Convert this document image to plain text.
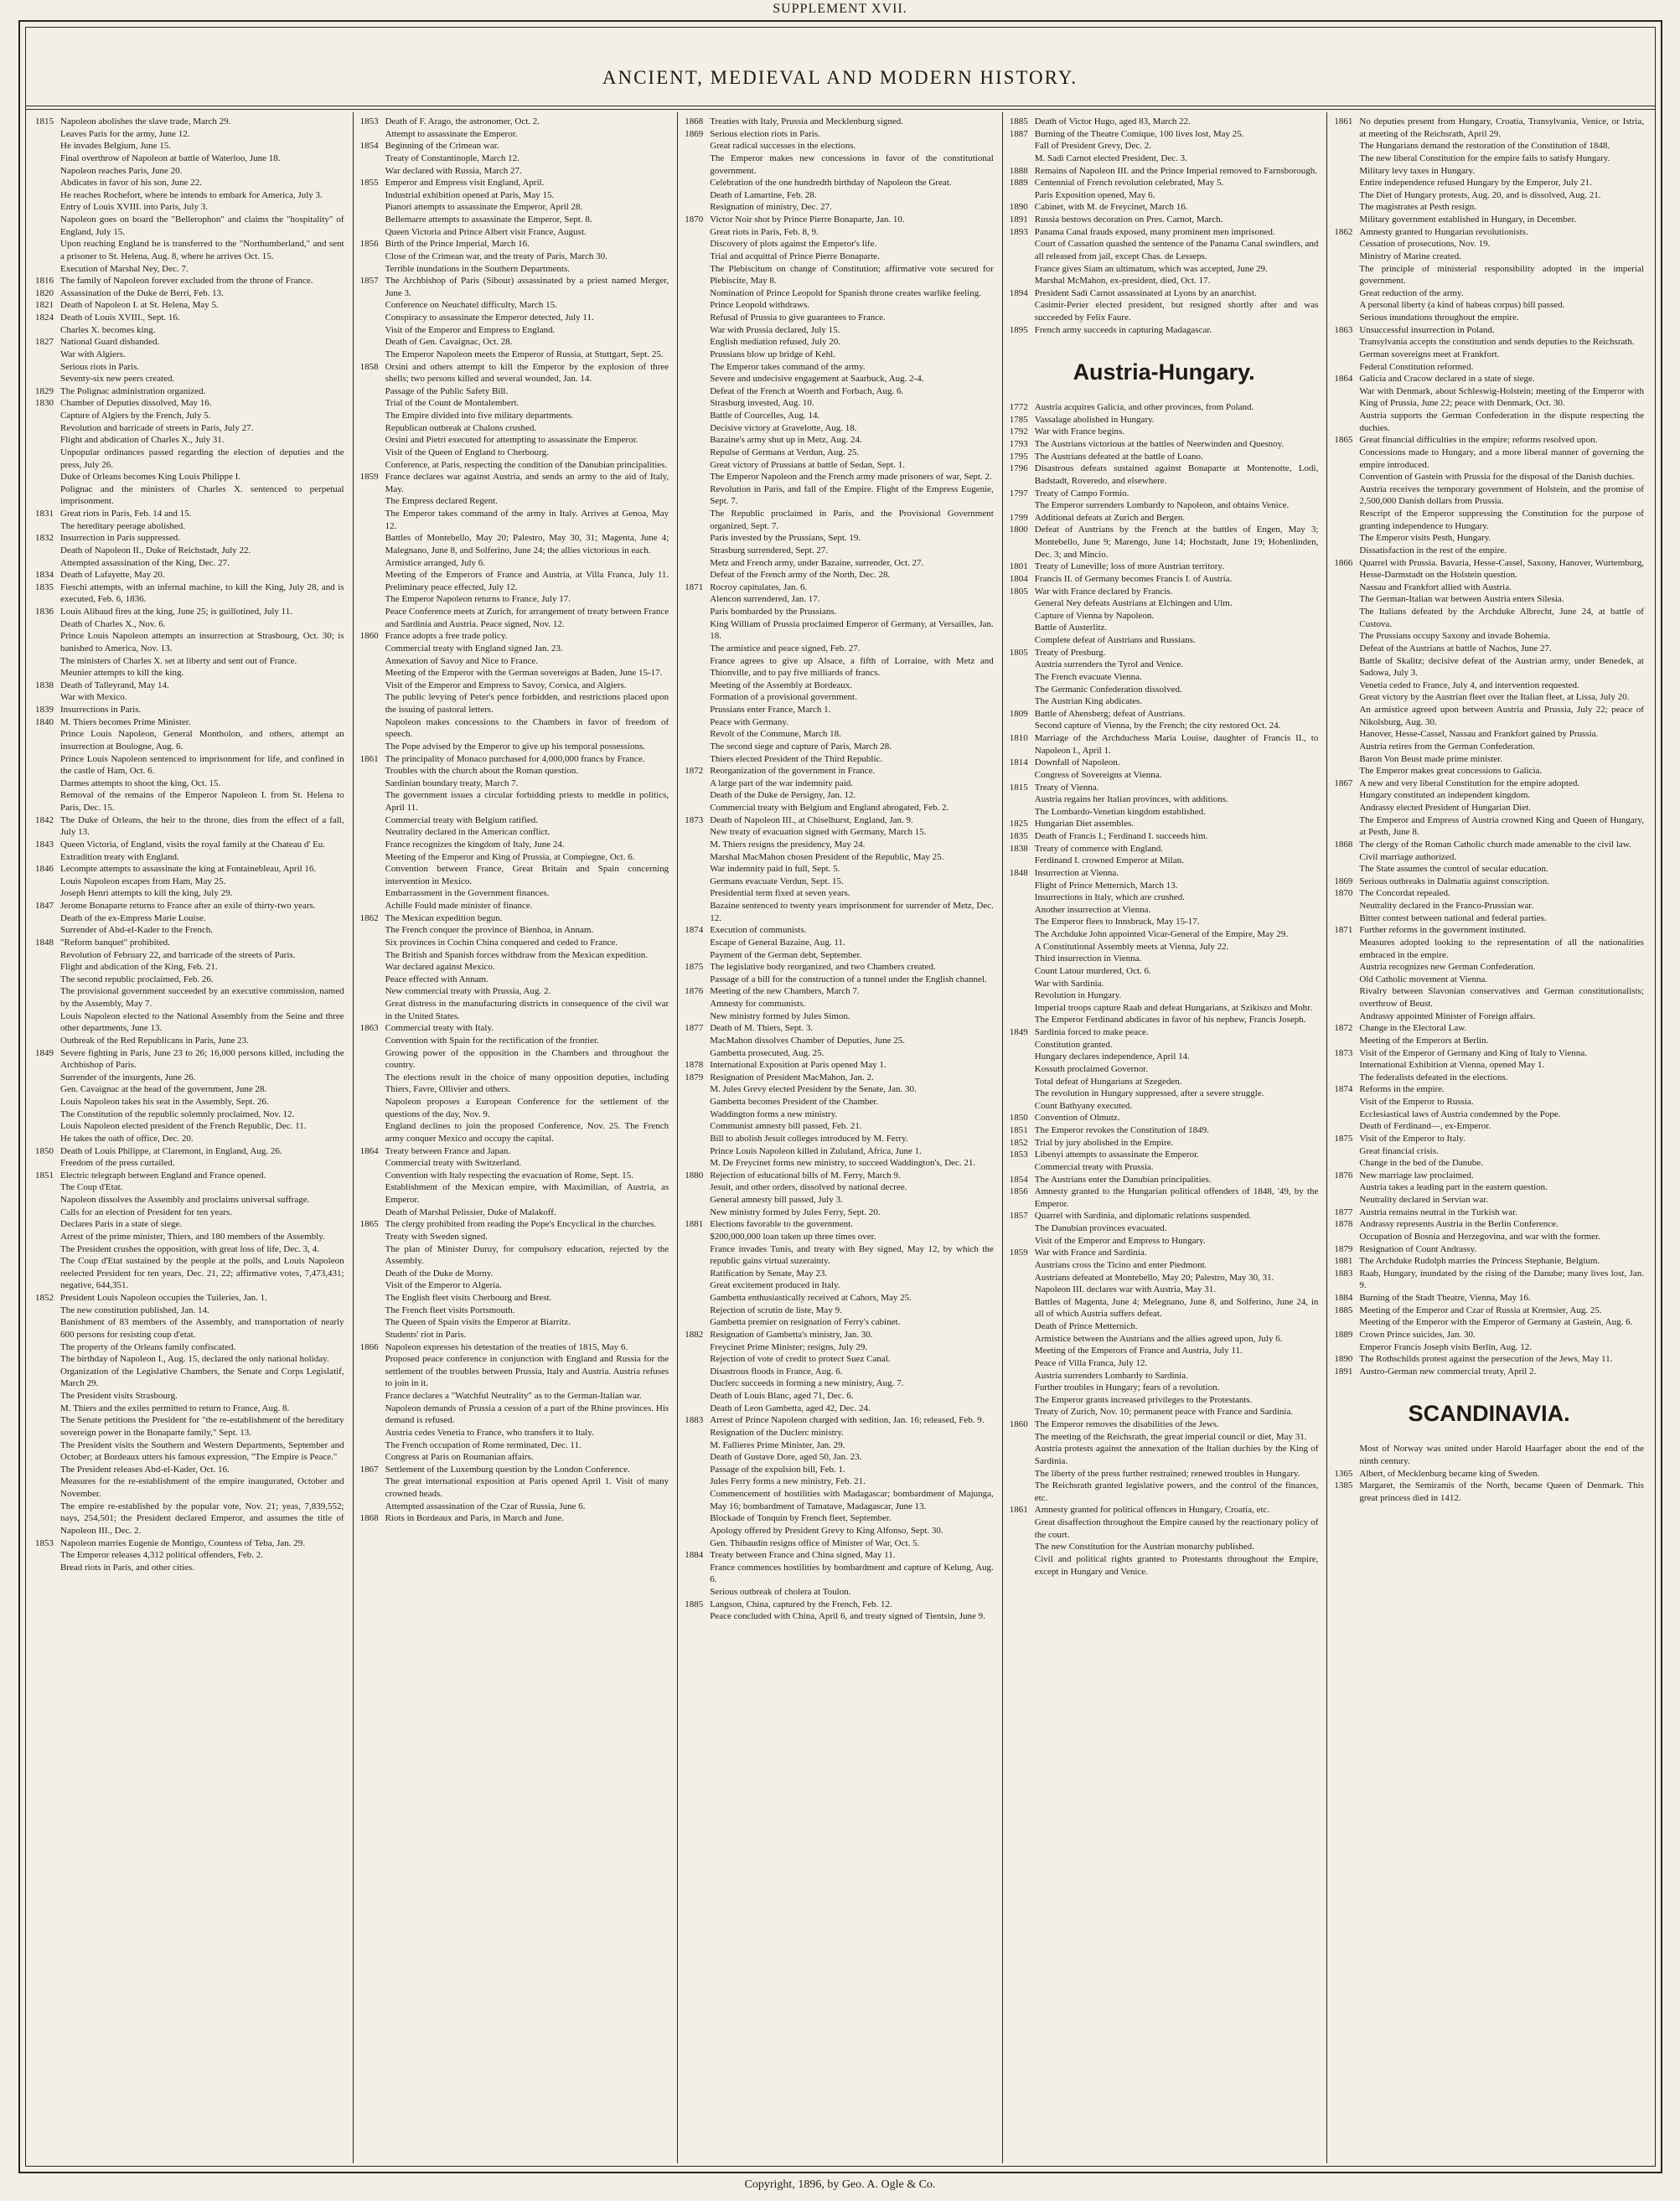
SUPPLEMENT XVII.
ANCIENT, MEDIEVAL AND MODERN HISTORY.
1815 Napoleon abolishes the slave trade, March 29.
Leaves Paris for the army, June 12.
He invades Belgium, June 15.
Final overthrow of Napoleon at battle of Waterloo, June 18.
Napoleon reaches Paris, June 20.
Abdicates in favor of his son, June 22.
He reaches Rochefort, where he intends to embark for America, July 3.
Entry of Louis XVIII. into Paris, July 3.
Napoleon goes on board the "Bellerophon" and claims the "hospitality" of England, July 15.
Upon reaching England he is transferred to the "Northumberland," and sent a prisoner to St. Helena, Aug. 8, where he arrives Oct. 15.
Execution of Marshal Ney, Dec. 7.
1816 The family of Napoleon forever excluded from the throne of France.
1820 Assassination of the Duke de Berri, Feb. 13.
1821 Death of Napoleon I. at St. Helena, May 5.
1824 Death of Louis XVIII., Sept. 16.
Charles X. becomes king.
1827 National Guard disbanded.
War with Algiers.
Serious riots in Paris.
Seventy-six new peers created.
1829 The Polignac administration organized.
1830 Chamber of Deputies dissolved, May 16.
Capture of Algiers by the French, July 5.
Revolution and barricade of streets in Paris, July 27.
Flight and abdication of Charles X., July 31.
Unpopular ordinances passed regarding the election of deputies and the press, July 26.
Duke of Orleans becomes King Louis Philippe I.
Polignac and the ministers of Charles X. sentenced to perpetual imprisonment.
1831 Great riots in Paris, Feb. 14 and 15.
The hereditary peerage abolished.
1832 Insurrection in Paris suppressed.
Death of Napoleon II., Duke of Reichstadt, July 22.
Attempted assassination of the King, Dec. 27.
1834 Death of Lafayette, May 20.
1835 Fieschi attempts, with an infernal machine, to kill the King, July 28, and is executed, Feb. 6, 1836.
1836 Louis Alibaud fires at the king, June 25; is guillotined, July 11.
Death of Charles X., Nov. 6.
Prince Louis Napoleon attempts an insurrection at Strasbourg, Oct. 30; is banished to America, Nov. 13.
The ministers of Charles X. set at liberty and sent out of France.
Meunier attempts to kill the king.
1838 Death of Talleyrand, May 14.
War with Mexico.
1839 Insurrections in Paris.
1840 M. Thiers becomes Prime Minister.
Prince Louis Napoleon, General Montholon, and others, attempt an insurrection at Boulogne, Aug. 6.
Prince Louis Napoleon sentenced to imprisonment for life, and confined in the castle of Ham, Oct. 6.
Darmes attempts to shoot the king, Oct. 15.
Removal of the remains of the Emperor Napoleon I. from St. Helena to Paris, Dec. 15.
1842 The Duke of Orleans, the heir to the throne, dies from the effect of a fall, July 13.
1843 Queen Victoria, of England, visits the royal family at the Chateau d' Eu.
Extradition treaty with England.
1846 Lecompte attempts to assassinate the king at Fontainebleau, April 16.
Louis Napoleon escapes from Ham, May 25.
Joseph Henri attempts to kill the king, July 29.
1847 Jerome Bonaparte returns to France after an exile of thirty-two years.
Death of the ex-Empress Marie Louise.
Surrender of Abd-el-Kader to the French.
1848 "Reform banquet" prohibited.
Revolution of February 22, and barricade of the streets of Paris.
Flight and abdication of the King, Feb. 21.
The second republic proclaimed, Feb. 26.
The provisional government succeeded by an executive commission, named by the Assembly, May 7.
Louis Napoleon elected to the National Assembly from the Seine and three other departments, June 13.
Outbreak of the Red Republicans in Paris, June 23.
1849 Severe fighting in Paris, June 23 to 26; 16,000 persons killed, including the Archbishop of Paris.
Surrender of the insurgents, June 26.
Gen. Cavaignac at the head of the government, June 28.
Louis Napoleon takes his seat in the Assembly, Sept. 26.
The Constitution of the republic solemnly proclaimed, Nov. 12.
Louis Napoleon elected president of the French Republic, Dec. 11.
He takes the oath of office, Dec. 20.
1850 Death of Louis Philippe, at Claremont, in England, Aug. 26.
Freedom of the press curtailed.
1851 Electric telegraph between England and France opened.
The Coup d'Etat.
Napoleon dissolves the Assembly and proclaims universal suffrage.
Calls for an election of President for ten years.
Declares Paris in a state of siege.
Arrest of the prime minister, Thiers, and 180 members of the Assembly.
The President crushes the opposition, with great loss of life, Dec. 3, 4.
The Coup d'Etat sustained by the people at the polls, and Louis Napoleon reelected President for ten years, Dec. 21, 22; affirmative votes, 7,473,431; negative, 644,351.
1852 President Louis Napoleon occupies the Tuileries, Jan. 1.
The new constitution published, Jan. 14.
Banishment of 83 members of the Assembly, and transportation of nearly 600 persons for resisting coup d'etat.
The property of the Orleans family confiscated.
The birthday of Napoleon I., Aug. 15, declared the only national holiday.
Organization of the Legislative Chambers, the Senate and Corps Legislatif, March 29.
The President visits Strasbourg.
M. Thiers and the exiles permitted to return to France, Aug. 8.
The Senate petitions the President for "the re-establishment of the hereditary sovereign power in the Bonaparte family," Sept. 13.
The President visits the Southern and Western Departments, September and October; at Bordeaux utters his famous expression, "The Empire is Peace."
The President releases Abd-el-Kader, Oct. 16.
Measures for the re-establishment of the empire inaugurated, October and November.
The empire re-established by the popular vote, Nov. 21; yeas, 7,839,552; nays, 254,501; the President declared Emperor, and assumes the title of Napoleon III., Dec. 2.
1853 Napoleon marries Eugenie de Montigo, Countess of Teba, Jan. 29.
The Emperor releases 4,312 political offenders, Feb. 2.
Bread riots in Paris, and other cities.
1853 Death of F. Arago, the astronomer, Oct. 2.
Attempt to assassinate the Emperor.
1854 Beginning of the Crimean war.
Treaty of Constantinople, March 12.
War declared with Russia, March 27.
1855 Emperor and Empress visit England, April.
Industrial exhibition opened at Paris, May 15.
Pianori attempts to assassinate the Emperor, April 28.
Bellemarre attempts to assassinate the Emperor, Sept. 8.
Queen Victoria and Prince Albert visit France, August.
1856 Birth of the Prince Imperial, March 16.
Close of the Crimean war, and the treaty of Paris, March 30.
Terrible inundations in the Southern Departments.
1857 The Archbishop of Paris (Sibour) assassinated by a priest named Merger, June 3.
Conference on Neuchatel difficulty, March 15.
Conspiracy to assassinate the Emperor detected, July 11.
Visit of the Emperor and Empress to England.
Death of Gen. Cavaignac, Oct. 28.
The Emperor Napoleon meets the Emperor of Russia, at Stuttgart, Sept. 25.
1858 Orsini and others attempt to kill the Emperor by the explosion of three shells; two persons killed and several wounded, Jan. 14.
Passage of the Public Safety Bill.
Trial of the Count de Montalembert.
The Empire divided into five military departments.
Republican outbreak at Chalons crushed.
Orsini and Pietri executed for attempting to assassinate the Emperor.
Visit of the Queen of England to Cherbourg.
Conference, at Paris, respecting the condition of the Danubian principalities.
1859 France declares war against Austria, and sends an army to the aid of Italy, May.
The Empress declared Regent.
The Emperor takes command of the army in Italy. Arrives at Genoa, May 12.
Battles of Montebello, May 20; Palestro, May 30, 31; Magenta, June 4; Malegnano, June 8, and Solferino, June 24; the allies victorious in each.
Armistice arranged, July 6.
Meeting of the Emperors of France and Austria, at Villa Franca, July 11. Preliminary peace effected, July 12.
The Emperor Napoleon returns to France, July 17.
Peace Conference meets at Zurich, for arrangement of treaty between France and Sardinia and Austria. Peace signed, Nov. 12.
1860 France adopts a free trade policy.
Commercial treaty with England signed Jan. 23.
Annexation of Savoy and Nice to France.
Meeting of the Emperor with the German sovereigns at Baden, June 15-17.
Visit of the Emperor and Empress to Savoy, Corsica, and Algiers.
The public levying of Peter's pence forbidden, and restrictions placed upon the issuing of pastoral letters.
Napoleon makes concessions to the Chambers in favor of freedom of speech.
The Pope advised by the Emperor to give up his temporal possessions.
1861 The principality of Monaco purchased for 4,000,000 francs by France.
Troubles with the church about the Roman question.
Sardinian boundary treaty, March 7.
The government issues a circular forbidding priests to meddle in politics, April 11.
Commercial treaty with Belgium ratified.
Neutrality declared in the American conflict.
France recognizes the kingdom of Italy, June 24.
Meeting of the Emperor and King of Prussia, at Compiegne, Oct. 6.
Convention between France, Great Britain and Spain concerning intervention in Mexico.
Embarrassment in the Government finances.
Achille Fould made minister of finance.
1862 The Mexican expedition begun.
The French conquer the province of Bienhoa, in Annam.
Six provinces in Cochin China conquered and ceded to France.
The British and Spanish forces withdraw from the Mexican expedition.
War declared against Mexico.
Peace effected with Annam.
New commercial treaty with Prussia, Aug. 2.
Great distress in the manufacturing districts in consequence of the civil war in the United States.
1863 Commercial treaty with Italy.
Convention with Spain for the rectification of the frontier.
Growing power of the opposition in the Chambers and throughout the country.
The elections result in the choice of many opposition deputies, including Thiers, Favre, Ollivier and others.
Napoleon proposes a European Conference for the settlement of the questions of the day, Nov. 9.
England declines to join the proposed Conference, Nov. 25. The French army conquer Mexico and occupy the capital.
1864 Treaty between France and Japan.
Commercial treaty with Switzerland.
Convention with Italy respecting the evacuation of Rome, Sept. 15.
Establishment of the Mexican empire, with Maximilian, of Austria, as Emperor.
Death of Marshal Pelissier, Duke of Malakoff.
1865 The clergy prohibited from reading the Pope's Encyclical in the churches.
Treaty with Sweden signed.
The plan of Minister Duruy, for compulsory education, rejected by the Assembly.
Death of the Duke de Morny.
Visit of the Emperor to Algeria.
The English fleet visits Cherbourg and Brest.
The French fleet visits Portsmouth.
The Queen of Spain visits the Emperor at Biarritz.
Students' riot in Paris.
1866 Napoleon expresses his detestation of the treaties of 1815, May 6.
Proposed peace conference in conjunction with England and Russia for the settlement of the troubles between Prussia, Italy and Austria. Austria refuses to join in it.
France declares a "Watchful Neutrality" as to the German-Italian war.
Napoleon demands of Prussia a cession of a part of the Rhine provinces. His demand is refused.
Austria cedes Venetia to France, who transfers it to Italy.
The French occupation of Rome terminated, Dec. 11.
Congress at Paris on Roumanian affairs.
1867 Settlement of the Luxemburg question by the London Conference.
The great international exposition at Paris opened April 1. Visit of many crowned heads.
Attempted assassination of the Czar of Russia, June 6.
1868 Riots in Bordeaux and Paris, in March and June.
1868 Treaties with Italy, Prussia and Mecklenburg signed.
1869 Serious election riots in Paris.
Great radical successes in the elections.
The Emperor makes new concessions in favor of the constitutional government.
Celebration of the one hundredth birthday of Napoleon the Great.
Death of Lamartine, Feb. 28.
Resignation of ministry, Dec. 27.
1870 Victor Noir shot by Prince Pierre Bonaparte, Jan. 10.
Great riots in Paris, Feb. 8, 9.
Discovery of plots against the Emperor's life.
Trial and acquittal of Prince Pierre Bonaparte.
The Plebiscitum on change of Constitution; affirmative vote secured for Plebiscite, May 8.
Nomination of Prince Leopold for Spanish throne creates warlike feeling.
Prince Leopold withdraws.
Refusal of Prussia to give guarantees to France.
War with Prussia declared, July 15.
English mediation refused, July 20.
Prussians blow up bridge of Kehl.
The Emperor takes command of the army.
Severe and undecisive engagement at Saarbuck, Aug. 2-4.
Defeat of the French at Woerth and Forbach, Aug. 6.
Strasburg invested, Aug. 10.
Battle of Courcelles, Aug. 14.
Decisive victory at Gravelotte, Aug. 18.
Bazaine's army shut up in Metz, Aug. 24.
Repulse of Germans at Verdun, Aug. 25.
Great victory of Prussians at battle of Sedan, Sept. 1.
The Emperor Napoleon and the French army made prisoners of war, Sept. 2.
Revolution in Paris, and fall of the Empire. Flight of the Empress Eugenie, Sept. 7.
The Republic proclaimed in Paris, and the Provisional Government organized, Sept. 7.
Paris invested by the Prussians, Sept. 19.
Strasburg surrendered, Sept. 27.
Metz and French army, under Bazaine, surrender, Oct. 27.
Defeat of the French army of the North, Dec. 28.
1871 Rocroy capitulates, Jan. 6.
Alencon surrendered, Jan. 17.
Paris bombarded by the Prussians.
King William of Prussia proclaimed Emperor of Germany, at Versailles, Jan. 18.
The armistice and peace signed, Feb. 27.
France agrees to give up Alsace, a fifth of Lorraine, with Metz and Thionville, and to pay five milliards of francs.
Meeting of the Assembly at Bordeaux.
Formation of a provisional government.
Prussians enter France, March 1.
Peace with Germany.
Revolt of the Commune, March 18.
The second siege and capture of Paris, March 28.
Thiers elected President of the Third Republic.
1872 Reorganization of the government in France.
A large part of the war indemnity paid.
Death of the Duke de Persigny, Jan. 12.
Commercial treaty with Belgium and England abrogated, Feb. 2.
1873 Death of Napoleon III., at Chiselhurst, England, Jan. 9.
New treaty of evacuation signed with Germany, March 15.
M. Thiers resigns the presidency, May 24.
Marshal MacMahon chosen President of the Republic, May 25.
War indemnity paid in full, Sept. 5.
Germans evacuate Verdun, Sept. 15.
Presidential term fixed at seven years.
Bazaine sentenced to twenty years imprisonment for surrender of Metz, Dec. 12.
1874 Execution of communists.
Escape of General Bazaine, Aug. 11.
Payment of the German debt, September.
1875 The legislative body reorganized, and two Chambers created.
Passage of a bill for the construction of a tunnel under the English channel.
1876 Meeting of the new Chambers, March 7.
Amnesty for communists.
New ministry formed by Jules Simon.
1877 Death of M. Thiers, Sept. 3.
MacMahon dissolves Chamber of Deputies, June 25.
Gambetta prosecuted, Aug. 25.
1878 International Exposition at Paris opened May 1.
1879 Resignation of President MacMahon, Jan. 2.
M. Jules Grevy elected President by the Senate, Jan. 30.
Gambetta becomes President of the Chamber.
Waddington forms a new ministry.
Communist amnesty bill passed, Feb. 21.
Bill to abolish Jesuit colleges introduced by M. Ferry.
Prince Louis Napoleon killed in Zululand, Africa, June 1.
M. De Freycinet forms new ministry, to succeed Waddington's, Dec. 21.
1880 Rejection of educational bills of M. Ferry, March 9.
Jesuit, and other orders, dissolved by national decree.
General amnesty bill passed, July 3.
New ministry formed by Jules Ferry, Sept. 20.
1881 Elections favorable to the government.
$200,000,000 loan taken up three times over.
France invades Tunis, and treaty with Bey signed, May 12, by which the republic gains virtual suzerainty.
Ratification by Senate, May 23.
Great excitement produced in Italy.
Gambetta enthusiastically received at Cahors, May 25.
Rejection of scrutin de liste, May 9.
Gambetta premier on resignation of Ferry's cabinet.
1882 Resignation of Gambetta's ministry, Jan. 30.
Freycinet Prime Minister; resigns, July 29.
Rejection of vote of credit to protect Suez Canal.
Disastrous floods in France, Aug. 6.
Duclerc succeeds in forming a new ministry, Aug. 7.
Death of Louis Blanc, aged 71, Dec. 6.
Death of Leon Gambetta, aged 42, Dec. 24.
1883 Arrest of Prince Napoleon charged with sedition, Jan. 16; released, Feb. 9.
Resignation of the Duclerc ministry.
M. Fallieres Prime Minister, Jan. 29.
Death of Gustave Dore, aged 50, Jan. 23.
Passage of the expulsion bill, Feb. 1.
Jules Ferry forms a new ministry, Feb. 21.
Commencement of hostilities with Madagascar; bombardment of Majunga, May 16; bombardment of Tamatave, Madagascar, June 13.
Blockade of Tonquin by French fleet, September.
Apology offered by President Grevy to King Alfonso, Sept. 30.
Gen. Thibaudin resigns office of Minister of War, Oct. 5.
1884 Treaty between France and China signed, May 11.
France commences hostilities by bombardment and capture of Kelung, Aug. 6.
Serious outbreak of cholera at Toulon.
1885 Langson, China, captured by the French, Feb. 12.
Peace concluded with China, April 6, and treaty signed of Tientsin, June 9.
1885 Death of Victor Hugo, aged 83, March 22.
1887 Burning of the Theatre Comique, 100 lives lost, May 25.
Fall of President Grevy, Dec. 2.
M. Sadi Carnot elected President, Dec. 3.
1888 Remains of Napoleon III. and the Prince Imperial removed to Farnsborough.
1889 Centennial of French revolution celebrated, May 5.
Paris Exposition opened, May 6.
1890 Cabinet, with M. de Freycinet, March 16.
1891 Russia bestows decoration on Pres. Carnot, March.
1893 Panama Canal frauds exposed, many prominent men imprisoned.
Court of Cassation quashed the sentence of the Panama Canal swindlers, and all released from jail, except Chas. de Lesseps.
France gives Siam an ultimatum, which was accepted, June 29.
Marshal McMahon, ex-president, died, Oct. 17.
1894 President Sadi Carnot assassinated at Lyons by an anarchist.
Casimir-Perier elected president, but resigned shortly after and was succeeded by Felix Faure.
1895 French army succeeds in capturing Madagascar.
Austria-Hungary.
1772 Austria acquires Galicia, and other provinces, from Poland.
1785 Vassalage abolished in Hungary.
1792 War with France begins.
1793 The Austrians victorious at the battles of Neerwinden and Quesnoy.
1795 The Austrians defeated at the battle of Loano.
1796 Disastrous defeats sustained against Bonaparte at Montenotte, Lodi, Badstadt, Roveredo, and elsewhere.
1797 Treaty of Campo Formio.
The Emperor surrenders Lombardy to Napoleon, and obtains Venice.
1799 Additional defeats at Zurich and Bergen.
1800 Defeat of Austrians by the French at the battles of Engen, May 3; Montebello, June 9; Marengo, June 14; Hochstadt, June 19; Hohenlinden, Dec. 3; and Mincio.
1801 Treaty of Luneville; loss of more Austrian territory.
1804 Francis II. of Germany becomes Francis I. of Austria.
1805 War with France declared by Francis.
General Ney defeats Austrians at Elchingen and Ulm.
Capture of Vienna by Napoleon.
Battle of Austerlitz.
Complete defeat of Austrians and Russians.
1805 Treaty of Presburg.
Austria surrenders the Tyrol and Venice.
The French evacuate Vienna.
The Germanic Confederation dissolved.
The Austrian King abdicates.
1809 Battle of Ahensberg; defeat of Austrians.
Second capture of Vienna, by the French; the city restored Oct. 24.
1810 Marriage of the Archduchess Maria Louise, daughter of Francis II., to Napoleon I., April 1.
1814 Downfall of Napoleon.
Congress of Sovereigns at Vienna.
1815 Treaty of Vienna.
Austria regains her Italian provinces, with additions.
The Lombardo-Venetian kingdom established.
1825 Hungarian Diet assembles.
1835 Death of Francis I.; Ferdinand I. succeeds him.
1838 Treaty of commerce with England.
Ferdinand I. crowned Emperor at Milan.
1848 Insurrection at Vienna.
Flight of Prince Metternich, March 13.
Insurrections in Italy, which are crushed.
Another insurrection at Vienna.
The Emperor flees to Innsbruck, May 15-17.
The Archduke John appointed Vicar-General of the Empire, May 29.
A Constitutional Assembly meets at Vienna, July 22.
Third insurrection in Vienna.
Count Latour murdered, Oct. 6.
War with Sardinia.
Revolution in Hungary.
Imperial troops capture Raab and defeat Hungarians, at Szikiszo and Mohr.
The Emperor Ferdinand abdicates in favor of his nephew, Francis Joseph.
1849 Sardinia forced to make peace.
Constitution granted.
Hungary declares independence, April 14.
Kossuth proclaimed Governor.
Total defeat of Hungarians at Szegeden.
The revolution in Hungary suppressed, after a severe struggle.
Count Bathyany executed.
1850 Convention of Olmutz.
1851 The Emperor revokes the Constitution of 1849.
1852 Trial by jury abolished in the Empire.
1853 Libenyi attempts to assassinate the Emperor.
Commercial treaty with Prussia.
1854 The Austrians enter the Danubian principalities.
1856 Amnesty granted to the Hungarian political offenders of 1848, '49, by the Emperor.
1857 Quarrel with Sardinia, and diplomatic relations suspended.
The Danubian provinces evacuated.
Visit of the Emperor and Empress to Hungary.
1859 War with France and Sardinia.
Austrians cross the Ticino and enter Piedmont.
Austrians defeated at Montebello, May 20; Palestro, May 30, 31.
Napoleon III. declares war with Austria, May 31.
Battles of Magenta, June 4; Melegnano, June 8, and Solferino, June 24, in all of which Austria suffers defeat.
Death of Prince Metternich.
Armistice between the Austrians and the allies agreed upon, July 6.
Meeting of the Emperors of France and Austria, July 11.
Peace of Villa Franca, July 12.
Austria surrenders Lombardy to Sardinia.
Further troubles in Hungary; fears of a revolution.
The Emperor grants increased privileges to the Protestants.
Treaty of Zurich, Nov. 10; permanent peace with France and Sardinia.
1860 The Emperor removes the disabilities of the Jews.
The meeting of the Reichsrath, the great imperial council or diet, May 31.
Austria protests against the annexation of the Italian duchies by the King of Sardinia.
The liberty of the press further restrained; renewed troubles in Hungary.
The Reichsrath granted legislative powers, and the control of the finances, etc.
1861 Amnesty granted for political offences in Hungary, Croatia, etc.
Great disaffection throughout the Empire caused by the reactionary policy of the court.
The new Constitution for the Austrian monarchy published.
Civil and political rights granted to Protestants throughout the Empire, except in Hungary and Venice.
1861 No deputies present from Hungary, Croatia, Transylvania, Venice, or Istria, at meeting of the Reichsrath, April 29.
The Hungarians demand the restoration of the Constitution of 1848.
The new liberal Constitution for the empire fails to satisfy Hungary.
Military levy taxes in Hungary.
Entire independence refused Hungary by the Emperor, July 21.
The Diet of Hungary protests, Aug. 20, and is dissolved, Aug. 21.
The magistrates at Pesth resign.
Military government established in Hungary, in December.
1862 Amnesty granted to Hungarian revolutionists.
Cessation of prosecutions, Nov. 19.
Ministry of Marine created.
The principle of ministerial responsibility adopted in the imperial government.
Great reduction of the army.
A personal liberty (a kind of habeas corpus) bill passed.
Serious inundations throughout the empire.
1863 Unsuccessful insurrection in Poland.
Transylvania accepts the constitution and sends deputies to the Reichsrath.
German sovereigns meet at Frankfort.
Federal Constitution reformed.
1864 Galicia and Cracow declared in a state of siege.
War with Denmark, about Schleswig-Holstein; meeting of the Emperor with King of Prussia, June 22; peace with Denmark, Oct. 30.
Austria supports the German Confederation in the dispute respecting the duchies.
1865 Great financial difficulties in the empire; reforms resolved upon.
Concessions made to Hungary, and a more liberal manner of governing the empire introduced.
Convention of Gastein with Prussia for the disposal of the Danish duchies.
Austria receives the temporary government of Holstein, and the promise of 2,500,000 Danish dollars from Prussia.
Rescript of the Emperor suppressing the Constitution for the purpose of granting independence to Hungary.
The Emperor visits Pesth, Hungary.
Dissatisfaction in the rest of the empire.
1866 Quarrel with Prussia. Bavaria, Hesse-Cassel, Saxony, Hanover, Wurtemburg, Hesse-Darmstadt on the Holstein question.
Nassau and Frankfort allied with Austria.
The German-Italian war between Austria enters Silesia.
The Italians defeated by the Archduke Albrecht, June 24, at battle of Custova.
The Prussians occupy Saxony and invade Bohemia.
Defeat of the Austrians at battle of Nachos, June 27.
Battle of Skalitz; decisive defeat of the Austrian army, under Benedek, at Sadowa, July 3.
Venetia ceded to France, July 4, and intervention requested.
Great victory by the Austrian fleet over the Italian fleet, at Lissa, July 20.
An armistice agreed upon between Austria and Prussia, July 22; peace of Nikolsburg, Aug. 30.
Hanover, Hesse-Cassel, Nassau and Frankfort gained by Prussia.
Austria retires from the German Confederation.
Baron Von Beust made prime minister.
The Emperor makes great concessions to Galicia.
1867 A new and very liberal Constitution for the empire adopted.
Hungary constituted an independent kingdom.
Andrassy elected President of Hungarian Diet.
The Emperor and Empress of Austria crowned King and Queen of Hungary, at Pesth, June 8.
1868 The clergy of the Roman Catholic church made amenable to the civil law.
Civil marriage authorized.
The State assumes the control of secular education.
1869 Serious outbreaks in Dalmatia against conscription.
1870 The Concordat repealed.
Neutrality declared in the Franco-Prussian war.
Bitter contest between national and federal parties.
1871 Further reforms in the government instituted.
Measures adopted looking to the representation of all the nationalities embraced in the empire.
Austria recognizes new German Confederation.
Old Catholic movement at Vienna.
Rivalry between Slavonian conservatives and German constitutionalists; overthrow of Beust.
Andrassy appointed Minister of Foreign affairs.
1872 Change in the Electoral Law.
Meeting of the Emperors at Berlin.
1873 Visit of the Emperor of Germany and King of Italy to Vienna.
International Exhibition at Vienna, opened May 1.
The federalists defeated in the elections.
1874 Reforms in the empire.
Visit of the Emperor to Russia.
Ecclesiastical laws of Austria condemned by the Pope.
Death of Ferdinand—, ex-Emperor.
1875 Visit of the Emperor to Italy.
Great financial crisis.
Change in the bed of the Danube.
1876 New marriage law proclaimed.
Austria takes a leading part in the eastern question.
Neutrality declared in Servian war.
1877 Austria remains neutral in the Turkish war.
1878 Andrassy represents Austria in the Berlin Conference.
Occupation of Bosnia and Herzegovina, and war with the former.
1879 Resignation of Count Andrassy.
1881 The Archduke Rudolph marries the Princess Stephanie, Belgium.
1883 Raab, Hungary, inundated by the rising of the Danube; many lives lost, Jan. 9.
1884 Burning of the Stadt Theatre, Vienna, May 16.
1885 Meeting of the Emperor and Czar of Russia at Kremsier, Aug. 25.
Meeting of the Emperor with the Emperor of Germany at Gastein, Aug. 6.
1889 Crown Prince suicides, Jan. 30.
Emperor Francis Joseph visits Berlin, Aug. 12.
1890 The Rothschilds protest against the persecution of the Jews, May 11.
1891 Austro-German new commercial treaty, April 2.
SCANDINAVIA.
Most of Norway was united under Harold Haarfager about the end of the ninth century.
1365 Albert, of Mecklenburg became king of Sweden.
1385 Margaret, the Semiramis of the North, became Queen of Denmark. This great princess died in 1412.
Copyright, 1896, by Geo. A. Ogle & Co.
